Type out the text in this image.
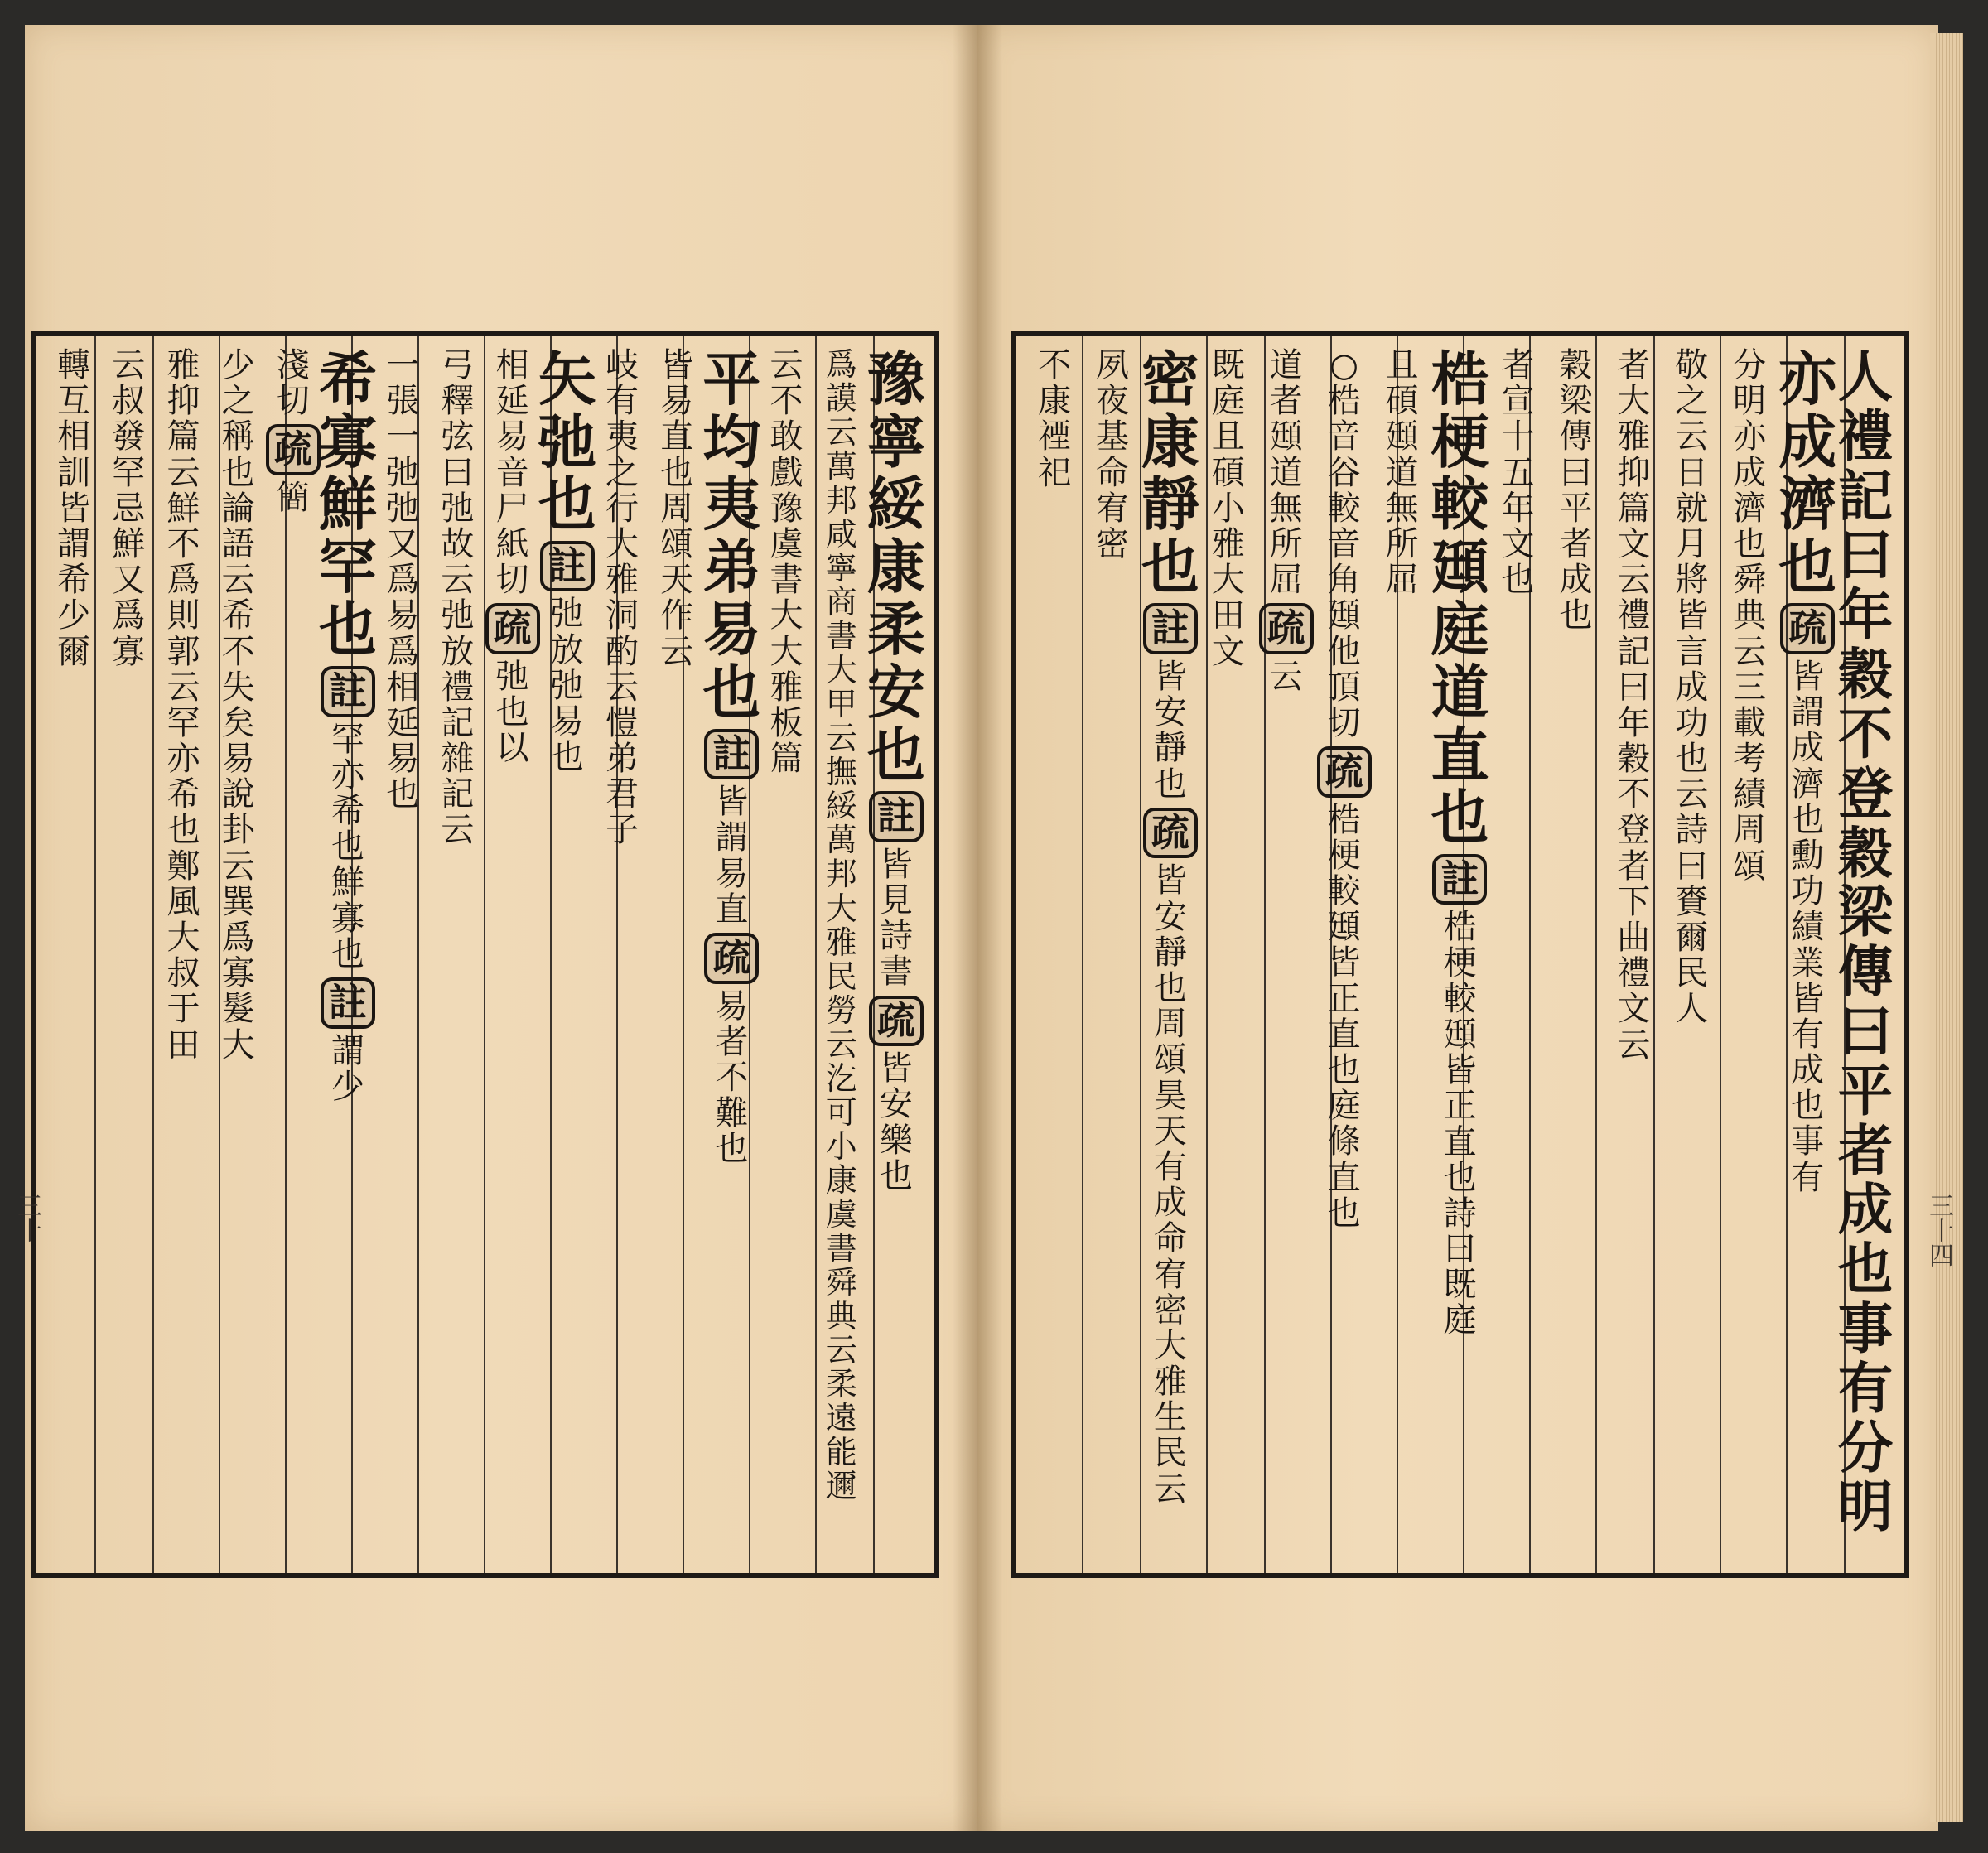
豫
寧
綏
康
柔
安
也
註
皆
見
詩
書
疏
皆
安
樂
也
爲
謨
云
萬
邦
咸
寧
商
書
大
甲
云
撫
綏
萬
邦
大
雅
民
勞
云
汔
可
小
康
虞
書
舜
典
云
柔
遠
能
邇
云
不
敢
戲
豫
虞
書
大
大
雅
板
篇
平
均
夷
弟
易
也
註
皆
謂
易
直
疏
易
者
不
難
也
皆
易
直
也
周
頌
天
作
云
岐
有
夷
之
行
大
雅
洞
酌
云
愷
弟
君
子
矢
弛
也
註
弛
放
弛
易
也
相
延
易
音
尸
紙
切
疏
弛
也
以
弓
釋
弦
曰
弛
故
云
弛
放
禮
記
雜
記
云
一
張
一
弛
弛
又
爲
易
爲
相
延
易
也
希
寡
鮮
罕
也
註
罕
亦
希
也
鮮
寡
也
註
謂
少
淺
切
疏
簡
少
之
稱
也
論
語
云
希
不
失
矣
易
說
卦
云
巽
爲
寡
髮
大
雅
抑
篇
云
鮮
不
爲
則
郭
云
罕
亦
希
也
鄭
風
大
叔
于
田
云
叔
發
罕
忌
鮮
又
爲
寡
轉
互
相
訓
皆
謂
希
少
爾
人
禮
記
曰
年
穀
不
登
穀
梁
傳
曰
平
者
成
也
事
有
分
明
亦
成
濟
也
疏
皆
謂
成
濟
也
勳
功
績
業
皆
有
成
也
事
有
分
明
亦
成
濟
也
舜
典
云
三
載
考
績
周
頌
敬
之
云
日
就
月
將
皆
言
成
功
也
云
詩
曰
賚
爾
民
人
者
大
雅
抑
篇
文
云
禮
記
曰
年
穀
不
登
者
下
曲
禮
文
云
穀
梁
傳
曰
平
者
成
也
者
宣
十
五
年
文
也
梏
梗
較
頲
庭
道
直
也
註
梏
梗
較
頲
皆
正
直
也
詩
曰
既
庭
且
碩
頲
道
無
所
屈
○
梏
音
谷
較
音
角
頲
他
頂
切
疏
梏
梗
較
頲
皆
正
直
也
庭
條
直
也
道
者
頲
道
無
所
屈
疏
云
既
庭
且
碩
小
雅
大
田
文
密
康
靜
也
註
皆
安
靜
也
疏
皆
安
靜
也
周
頌
昊
天
有
成
命
宥
密
大
雅
生
民
云
夙
夜
基
命
宥
密
不
康
禋
祀
三十	三十四
